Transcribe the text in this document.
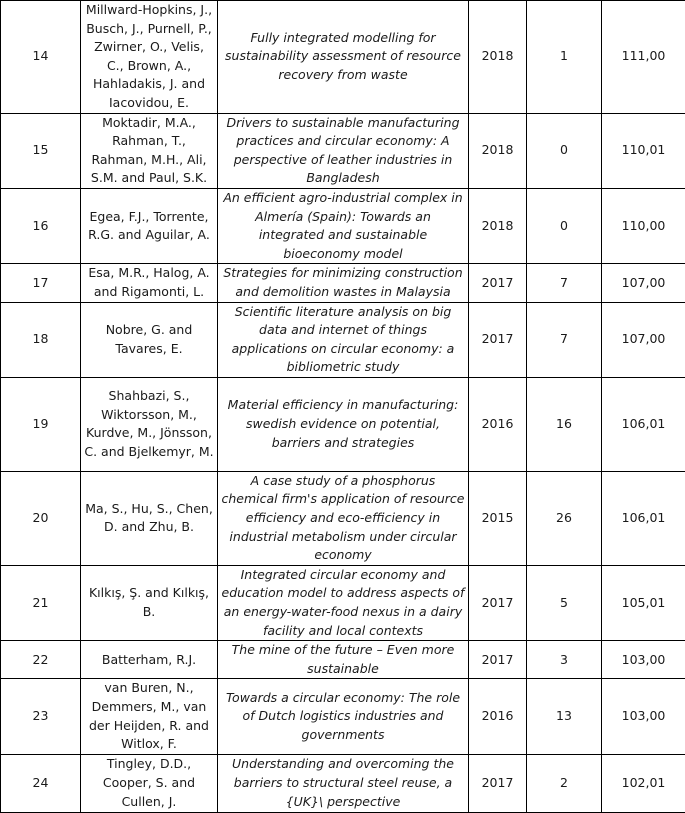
14	Millward-Hopkins, J., Busch, J., Purnell, P., Zwirner, O., Velis, C., Brown, A., Hahladakis, J. and Iacovidou, E.	Fully integrated modelling for sustainability assessment of resource recovery from waste	2018	1	111,00
15	Moktadir, M.A., Rahman, T., Rahman, M.H., Ali, S.M. and Paul, S.K.	Drivers to sustainable manufacturing practices and circular economy: A perspective of leather industries in Bangladesh	2018	0	110,01
16	Egea, F.J., Torrente, R.G. and Aguilar, A.	An efficient agro-industrial complex in Almería (Spain): Towards an integrated and sustainable bioeconomy model	2018	0	110,00
17	Esa, M.R., Halog, A. and Rigamonti, L.	Strategies for minimizing construction and demolition wastes in Malaysia	2017	7	107,00
18	Nobre, G. and Tavares, E.	Scientific literature analysis on big data and internet of things applications on circular economy: a bibliometric study	2017	7	107,00
19	Shahbazi, S., Wiktorsson, M., Kurdve, M., Jönsson, C. and Bjelkemyr, M.	Material efficiency in manufacturing: swedish evidence on potential, barriers and strategies	2016	16	106,01
20	Ma, S., Hu, S., Chen, D. and Zhu, B.	A case study of a phosphorus chemical firm's application of resource efficiency and eco-efficiency in industrial metabolism under circular economy	2015	26	106,01
21	Kılkış, Ş. and Kılkış, B.	Integrated circular economy and education model to address aspects of an energy-water-food nexus in a dairy facility and local contexts	2017	5	105,01
22	Batterham, R.J.	The mine of the future – Even more sustainable	2017	3	103,00
23	van Buren, N., Demmers, M., van der Heijden, R. and Witlox, F.	Towards a circular economy: The role of Dutch logistics industries and governments	2016	13	103,00
24	Tingley, D.D., Cooper, S. and Cullen, J.	Understanding and overcoming the barriers to structural steel reuse, a {UK}\ perspective	2017	2	102,01
